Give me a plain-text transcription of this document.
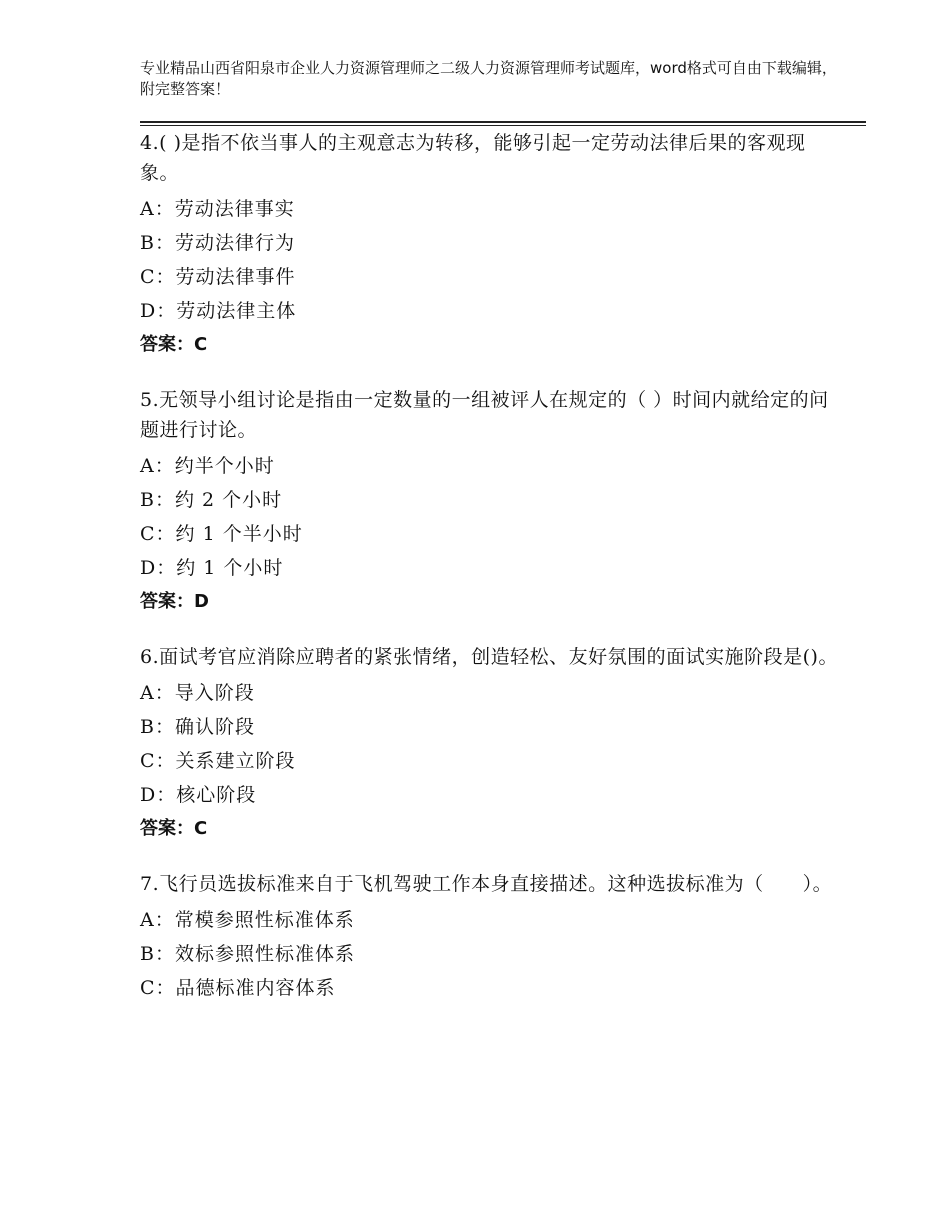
专业精品山西省阳泉市企业人力资源管理师之二级人力资源管理师考试题库，word格式可自由下载编辑，附完整答案！
4.( )是指不依当事人的主观意志为转移，能够引起一定劳动法律后果的客观现象。
A：劳动法律事实
B：劳动法律行为
C：劳动法律事件
D：劳动法律主体
答案：C
5.无领导小组讨论是指由一定数量的一组被评人在规定的（ ）时间内就给定的问题进行讨论。
A：约半个小时
B：约 2 个小时
C：约 1 个半小时
D：约 1 个小时
答案：D
6.面试考官应消除应聘者的紧张情绪，创造轻松、友好氛围的面试实施阶段是()。
A：导入阶段
B：确认阶段
C：关系建立阶段
D：核心阶段
答案：C
7.飞行员选拔标准来自于飞机驾驶工作本身直接描述。这种选拔标准为（　　）。
A：常模参照性标准体系
B：效标参照性标准体系
C：品德标准内容体系
